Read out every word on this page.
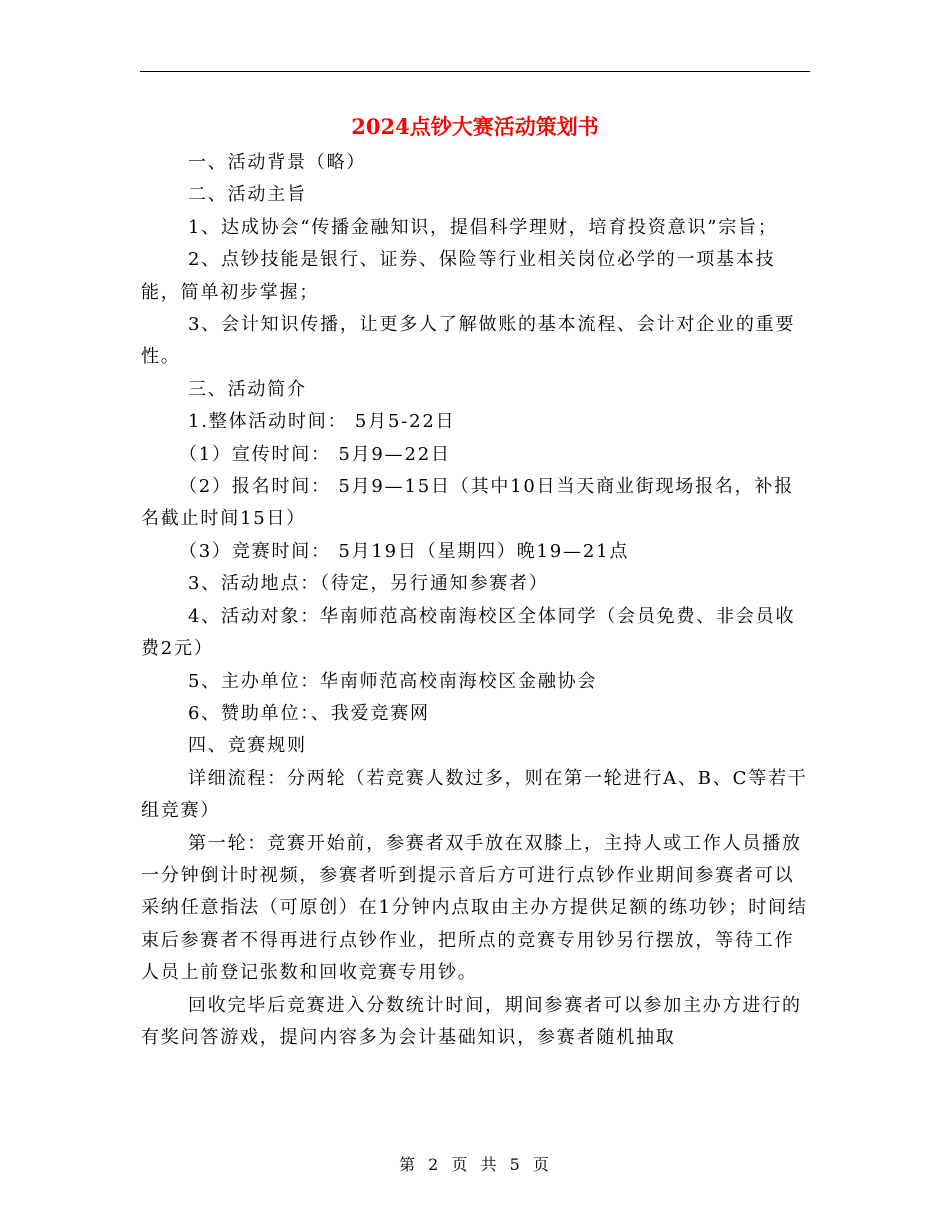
2024点钞大赛活动策划书

一、活动背景（略）

二、活动主旨

1、达成协会“传播金融知识，提倡科学理财，培育投资意识”宗旨；

2、点钞技能是银行、证券、保险等行业相关岗位必学的一项基本技能，简单初步掌握；

3、会计知识传播，让更多人了解做账的基本流程、会计对企业的重要性。

三、活动简介

1.整体活动时间： 5月5-22日

（1）宣传时间： 5月9—22日

（2）报名时间： 5月9—15日（其中10日当天商业街现场报名，补报名截止时间15日）

（3）竞赛时间： 5月19日（星期四）晚19—21点

3、活动地点：（待定，另行通知参赛者）

4、活动对象：华南师范高校南海校区全体同学（会员免费、非会员收费2元）

5、主办单位：华南师范高校南海校区金融协会

6、赞助单位：、我爱竞赛网

四、竞赛规则

详细流程：分两轮（若竞赛人数过多，则在第一轮进行A、B、C等若干组竞赛）

第一轮：竞赛开始前，参赛者双手放在双膝上，主持人或工作人员播放一分钟倒计时视频，参赛者听到提示音后方可进行点钞作业期间参赛者可以采纳任意指法（可原创）在1分钟内点取由主办方提供足额的练功钞；时间结束后参赛者不得再进行点钞作业，把所点的竞赛专用钞另行摆放，等待工作人员上前登记张数和回收竞赛专用钞。

回收完毕后竞赛进入分数统计时间，期间参赛者可以参加主办方进行的有奖问答游戏，提问内容多为会计基础知识，参赛者随机抽取

第 2 页 共 5 页
